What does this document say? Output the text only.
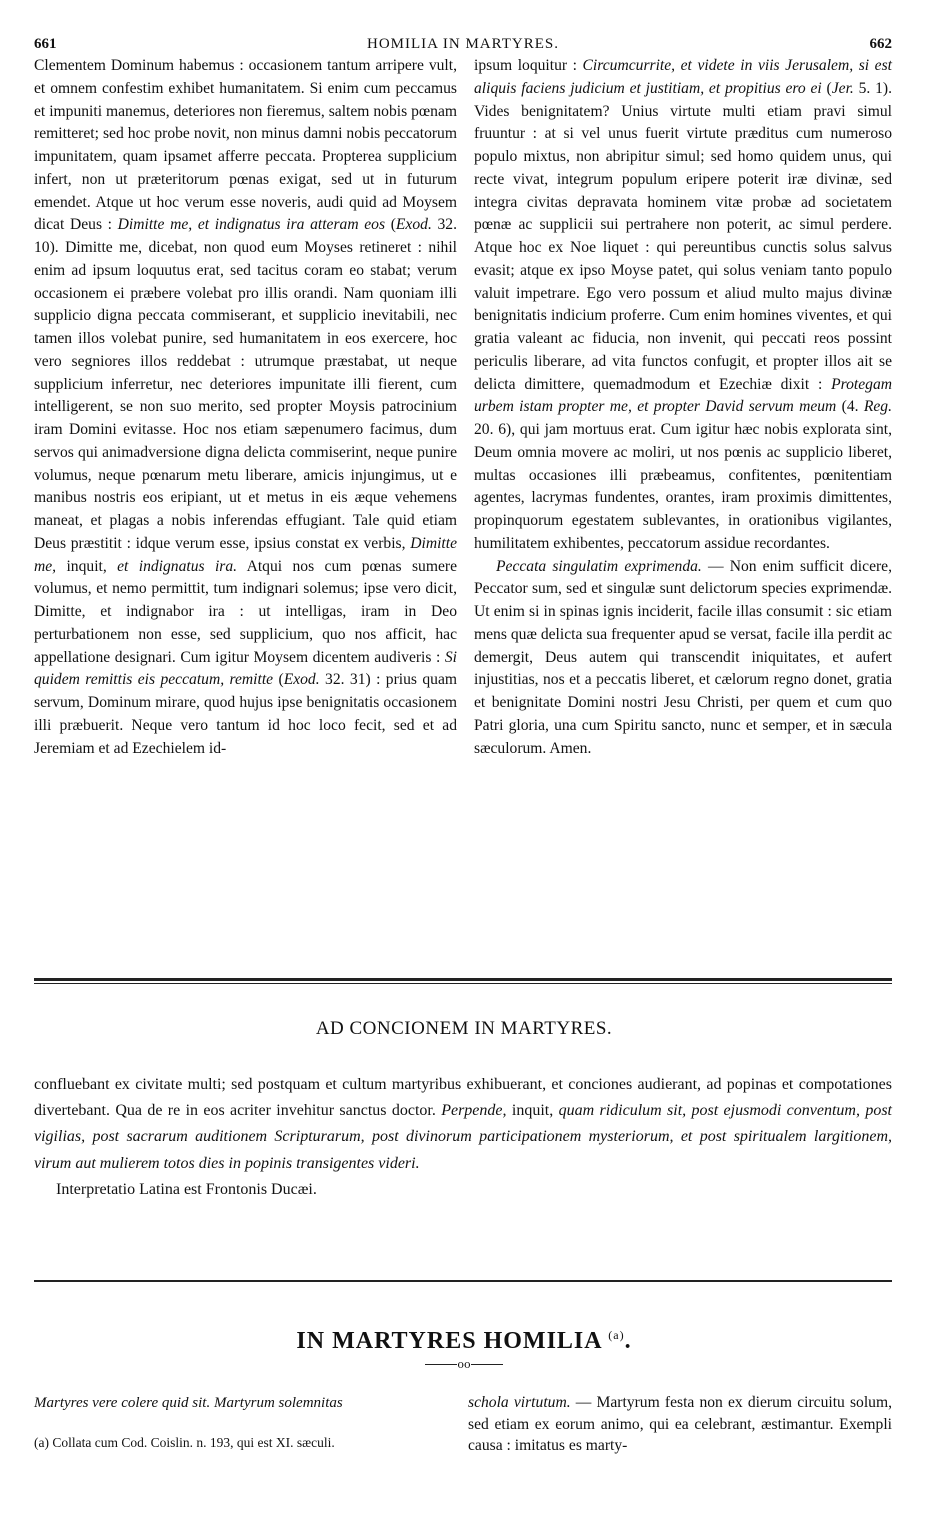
661	HOMILIA IN MARTYRES.	662

Clementem Dominum habemus : occasionem tantum arripere vult, et omnem confestim exhibet humanitatem. Si enim cum peccamus et impuniti manemus, deteriores non fieremus, saltem nobis pœnam remitteret; sed hoc probe novit, non minus damni nobis peccatorum impunitatem, quam ipsamet afferre peccata. Propterea supplicium infert, non ut præteritorum pœnas exigat, sed ut in futurum emendet. Atque ut hoc verum esse noveris, audi quid ad Moysem dicat Deus : Dimitte me, et indignatus ira atteram eos (Exod. 32. 10). Dimitte me, dicebat, non quod eum Moyses retineret : nihil enim ad ipsum loquutus erat, sed tacitus coram eo stabat; verum occasionem ei præbere volebat pro illis orandi. Nam quoniam illi supplicio digna peccata commiserant, et supplicio inevitabili, nec tamen illos volebat punire, sed humanitatem in eos exercere, hoc vero segniores illos reddebat : utrumque præstabat, ut neque supplicium inferretur, nec deteriores impunitate illi fierent, cum intelligerent, se non suo merito, sed propter Moysis patrocinium iram Domini evitasse. Hoc nos etiam sæpenumero facimus, dum servos qui animadversione digna delicta commiserint, neque punire volumus, neque pœnarum metu liberare, amicis injungimus, ut e manibus nostris eos eripiant, ut et metus in eis æque vehemens maneat, et plagas a nobis inferendas effugiant. Tale quid etiam Deus præstitit : idque verum esse, ipsius constat ex verbis, Dimitte me, inquit, et indignatus ira. Atqui nos cum pœnas sumere volumus, et nemo permittit, tum indignari solemus; ipse vero dicit, Dimitte, et indignabor ira : ut intelligas, iram in Deo perturbationem non esse, sed supplicium, quo nos afficit, hac appellatione designari. Cum igitur Moysem dicentem audiveris : Si quidem remittis eis peccatum, remitte (Exod. 32. 31) : prius quam servum, Dominum mirare, quod hujus ipse benignitatis occasionem illi præbuerit. Neque vero tantum id hoc loco fecit, sed et ad Jeremiam et ad Ezechielem id-

ipsum loquitur : Circumcurrite, et videte in viis Jerusalem, si est aliquis faciens judicium et justitiam, et propitius ero ei (Jer. 5. 1). Vides benignitatem? Unius virtute multi etiam pravi simul fruuntur : at si vel unus fuerit virtute præditus cum numeroso populo mixtus, non abripitur simul; sed homo quidem unus, qui recte vivat, integrum populum eripere poterit iræ divinæ, sed integra civitas depravata hominem vitæ probæ ad societatem pœnæ ac supplicii sui pertrahere non poterit, ac simul perdere. Atque hoc ex Noe liquet : qui pereuntibus cunctis solus salvus evasit; atque ex ipso Moyse patet, qui solus veniam tanto populo valuit impetrare. Ego vero possum et aliud multo majus divinæ benignitatis indicium proferre. Cum enim homines viventes, et qui gratia valeant ac fiducia, non invenit, qui peccati reos possint periculis liberare, ad vita functos confugit, et propter illos ait se delicta dimittere, quemadmodum et Ezechiæ dixit : Protegam urbem istam propter me, et propter David servum meum (4. Reg. 20. 6), qui jam mortuus erat. Cum igitur hæc nobis explorata sint, Deum omnia movere ac moliri, ut nos pœnis ac supplicio liberet, multas occasiones illi præbeamus, confitentes, pœnitentiam agentes, lacrymas fundentes, orantes, iram proximis dimittentes, propinquorum egestatem sublevantes, in orationibus vigilantes, humilitatem exhibentes, peccatorum assidue recordantes.

Peccata singulatim exprimenda. — Non enim sufficit dicere, Peccator sum, sed et singulæ sunt delictorum species exprimendæ. Ut enim si in spinas ignis inciderit, facile illas consumit : sic etiam mens quæ delicta sua frequenter apud se versat, facile illa perdit ac demergit, Deus autem qui transcendit iniquitates, et aufert injustitias, nos et a peccatis liberet, et cælorum regno donet, gratia et benignitate Domini nostri Jesu Christi, per quem et cum quo Patri gloria, una cum Spiritu sancto, nunc et semper, et in sæcula sæculorum. Amen.

AD CONCIONEM IN MARTYRES.

confluebant ex civitate multi; sed postquam et cultum martyribus exhibuerant, et conciones audierant, ad popinas et compotationes divertebant. Qua de re in eos acriter invehitur sanctus doctor. Perpende, inquit, quam ridiculum sit, post ejusmodi conventum, post vigilias, post sacrarum auditionem Scripturarum, post divinorum participationem mysteriorum, et post spiritualem largitionem, virum aut mulierem totos dies in popinis transigentes videri.

Interpretatio Latina est Frontonis Ducæi.

IN MARTYRES HOMILIA $^{(a)}$.
oo
Martyres vere colere quid sit. Martyrum solemnitas
(a) Collata cum Cod. Coislin. n. 193, qui est XI. sæculi.
schola virtutum. — Martyrum festa non ex dierum circuitu solum, sed etiam ex eorum animo, qui ea celebrant, æstimantur. Exempli causa : imitatus es marty-
